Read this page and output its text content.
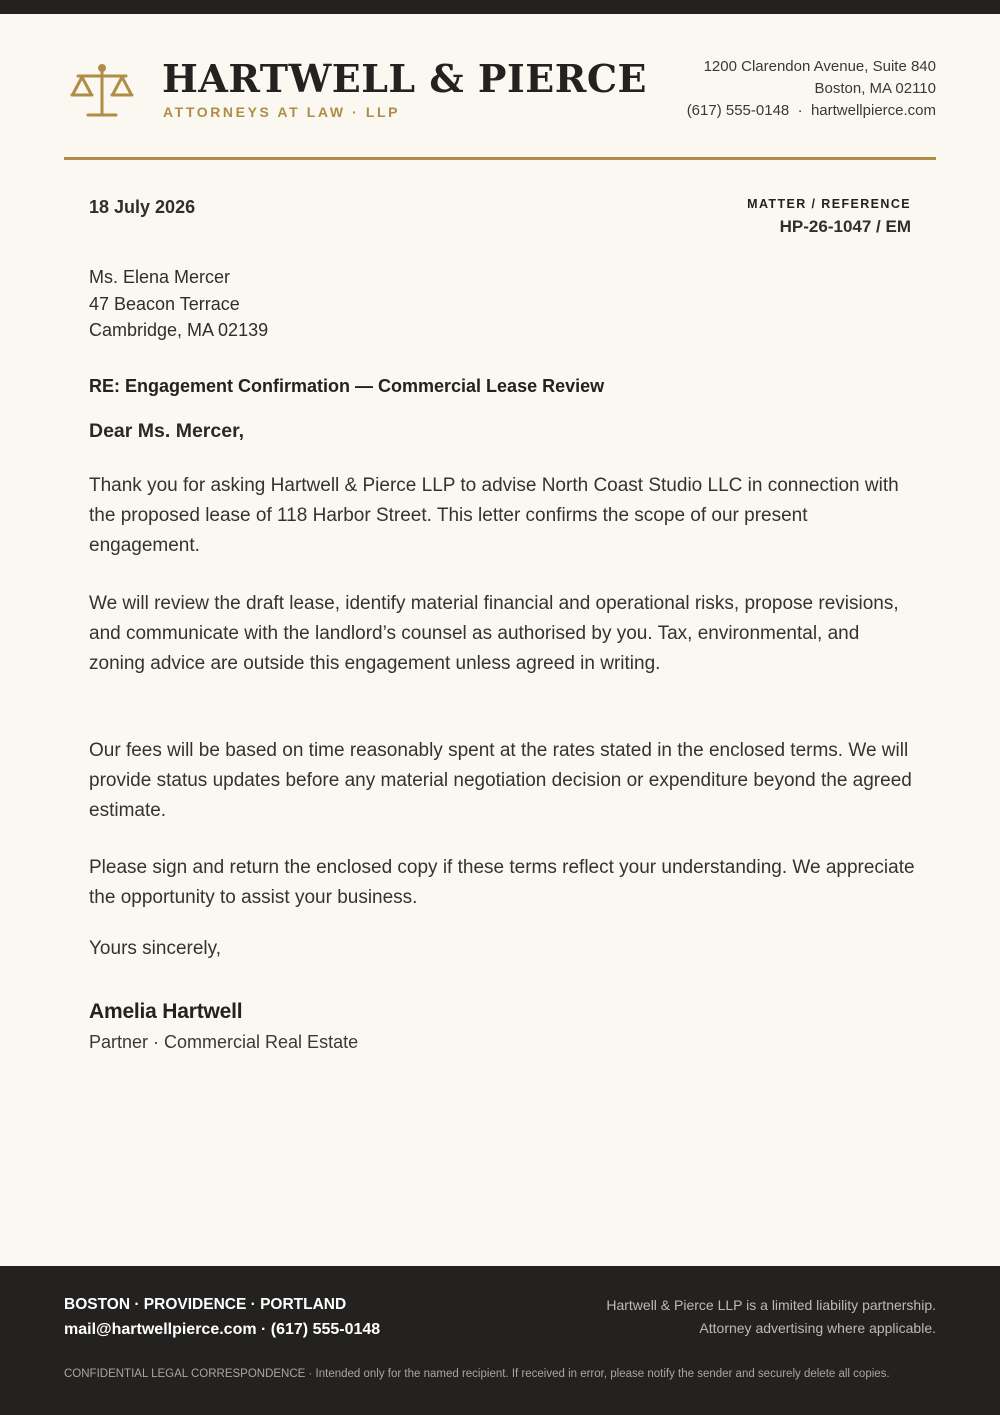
HARTWELL & PIERCE
ATTORNEYS AT LAW · LLP
1200 Clarendon Avenue, Suite 840
Boston, MA 02110
(617) 555-0148  ·  hartwellpierce.com
18 July 2026	MATTER / REFERENCE
HP-26-1047 / EM
Ms. Elena Mercer
47 Beacon Terrace
Cambridge, MA 02139
RE: Engagement Confirmation — Commercial Lease Review
Dear Ms. Mercer,

Thank you for asking Hartwell & Pierce LLP to advise North Coast Studio LLC in connection with the proposed lease of 118 Harbor Street. This letter confirms the scope of our present engagement.

We will review the draft lease, identify material financial and operational risks, propose revisions, and communicate with the landlord’s counsel as authorised by you. Tax, environmental, and zoning advice are outside this engagement unless agreed in writing.

Our fees will be based on time reasonably spent at the rates stated in the enclosed terms. We will provide status updates before any material negotiation decision or expenditure beyond the agreed estimate.

Please sign and return the enclosed copy if these terms reflect your understanding. We appreciate the opportunity to assist your business.

Yours sincerely,
Amelia Hartwell
Partner · Commercial Real Estate
BOSTON · PROVIDENCE · PORTLAND
mail@hartwellpierce.com · (617) 555-0148
Hartwell & Pierce LLP is a limited liability partnership.
Attorney advertising where applicable.
CONFIDENTIAL LEGAL CORRESPONDENCE · Intended only for the named recipient. If received in error, please notify the sender and securely delete all copies.
